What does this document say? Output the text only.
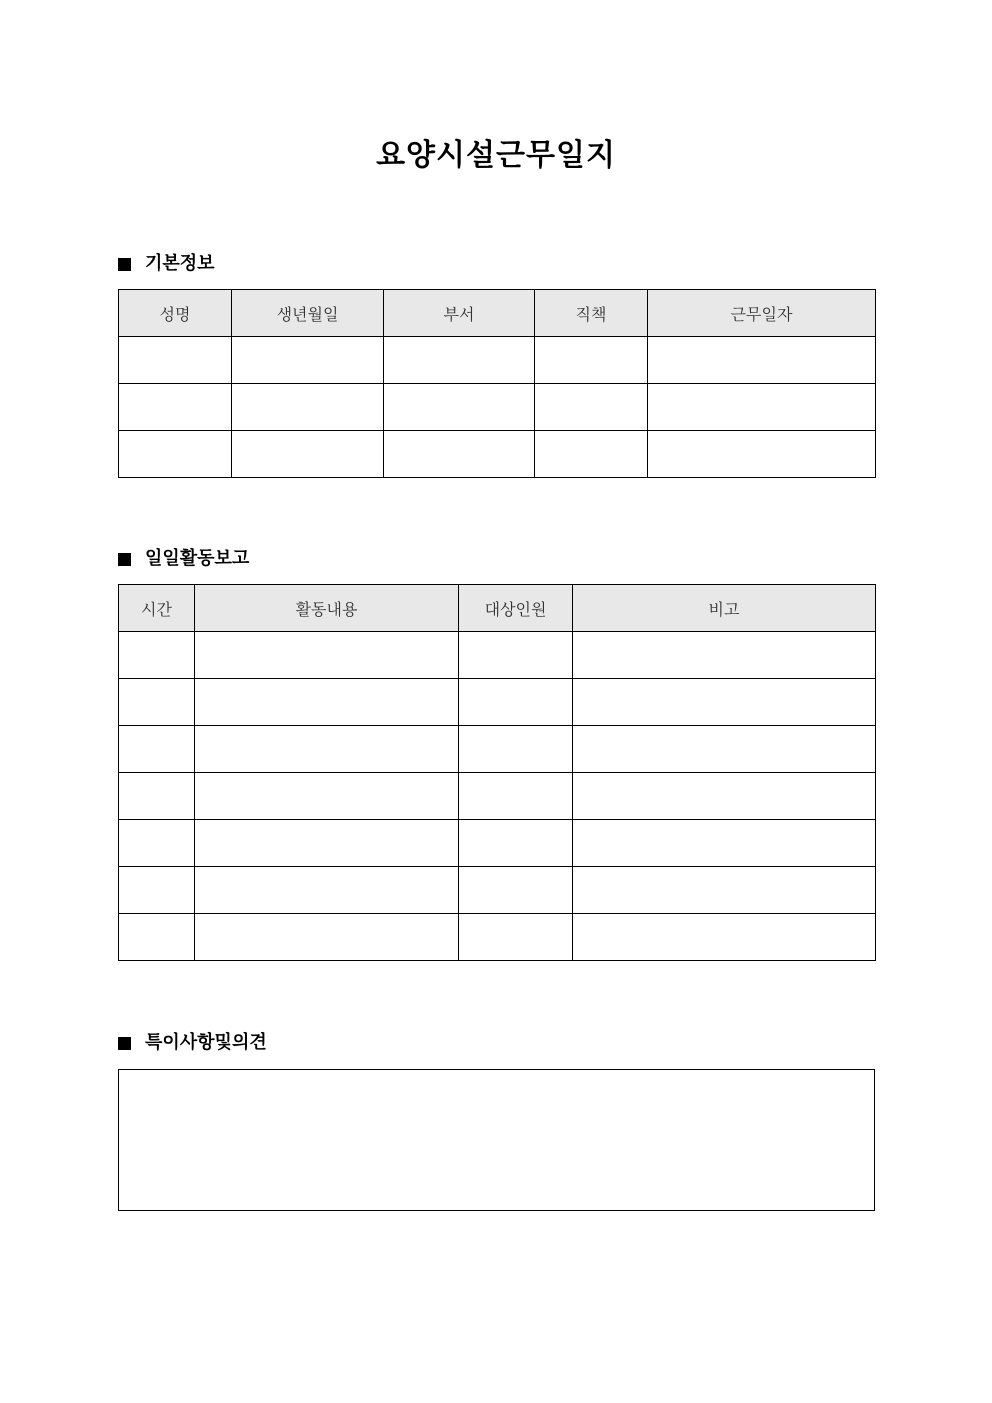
요양시설근무일지
기본정보
성명	생년월일	부서	직책	근무일자

일일활동보고
시간	활동내용	대상인원	비고

특이사항및의견
